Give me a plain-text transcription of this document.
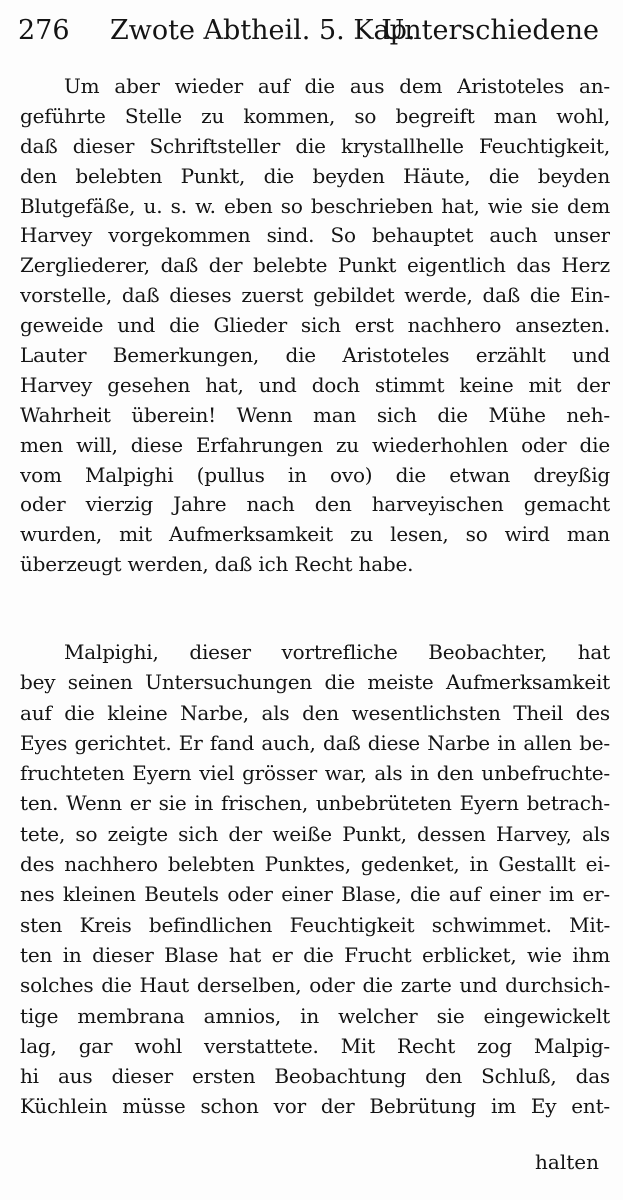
276 Zwote Abtheil. 5. Kap.
Unterschiedene
Um aber wieder auf die aus dem Aristoteles an-
geführte Stelle zu kommen, so begreift man wohl,
daß dieser Schriftsteller die krystallhelle Feuchtigkeit,
den belebten Punkt, die beyden Häute, die beyden
Blutgefäße, u. s. w. eben so beschrieben hat, wie sie dem
Harvey vorgekommen sind. So behauptet auch unser
Zergliederer, daß der belebte Punkt eigentlich das Herz
vorstelle, daß dieses zuerst gebildet werde, daß die Ein-
geweide und die Glieder sich erst nachhero ansezten.
Lauter Bemerkungen, die Aristoteles erzählt und
Harvey gesehen hat, und doch stimmt keine mit der
Wahrheit überein! Wenn man sich die Mühe neh-
men will, diese Erfahrungen zu wiederhohlen oder die
vom Malpighi (pullus in ovo) die etwan dreyßig
oder vierzig Jahre nach den harveyischen gemacht
wurden, mit Aufmerksamkeit zu lesen, so wird man
überzeugt werden, daß ich Recht habe.
Malpighi, dieser vortrefliche Beobachter, hat
bey seinen Untersuchungen die meiste Aufmerksamkeit
auf die kleine Narbe, als den wesentlichsten Theil des
Eyes gerichtet. Er fand auch, daß diese Narbe in allen be-
fruchteten Eyern viel grösser war, als in den unbefruchte-
ten. Wenn er sie in frischen, unbebrüteten Eyern betrach-
tete, so zeigte sich der weiße Punkt, dessen Harvey, als
des nachhero belebten Punktes, gedenket, in Gestallt ei-
nes kleinen Beutels oder einer Blase, die auf einer im er-
sten Kreis befindlichen Feuchtigkeit schwimmet. Mit-
ten in dieser Blase hat er die Frucht erblicket, wie ihm
solches die Haut derselben, oder die zarte und durchsich-
tige membrana amnios, in welcher sie eingewickelt
lag, gar wohl verstattete. Mit Recht zog Malpig-
hi aus dieser ersten Beobachtung den Schluß, das
Küchlein müsse schon vor der Bebrütung im Ey ent-
halten
